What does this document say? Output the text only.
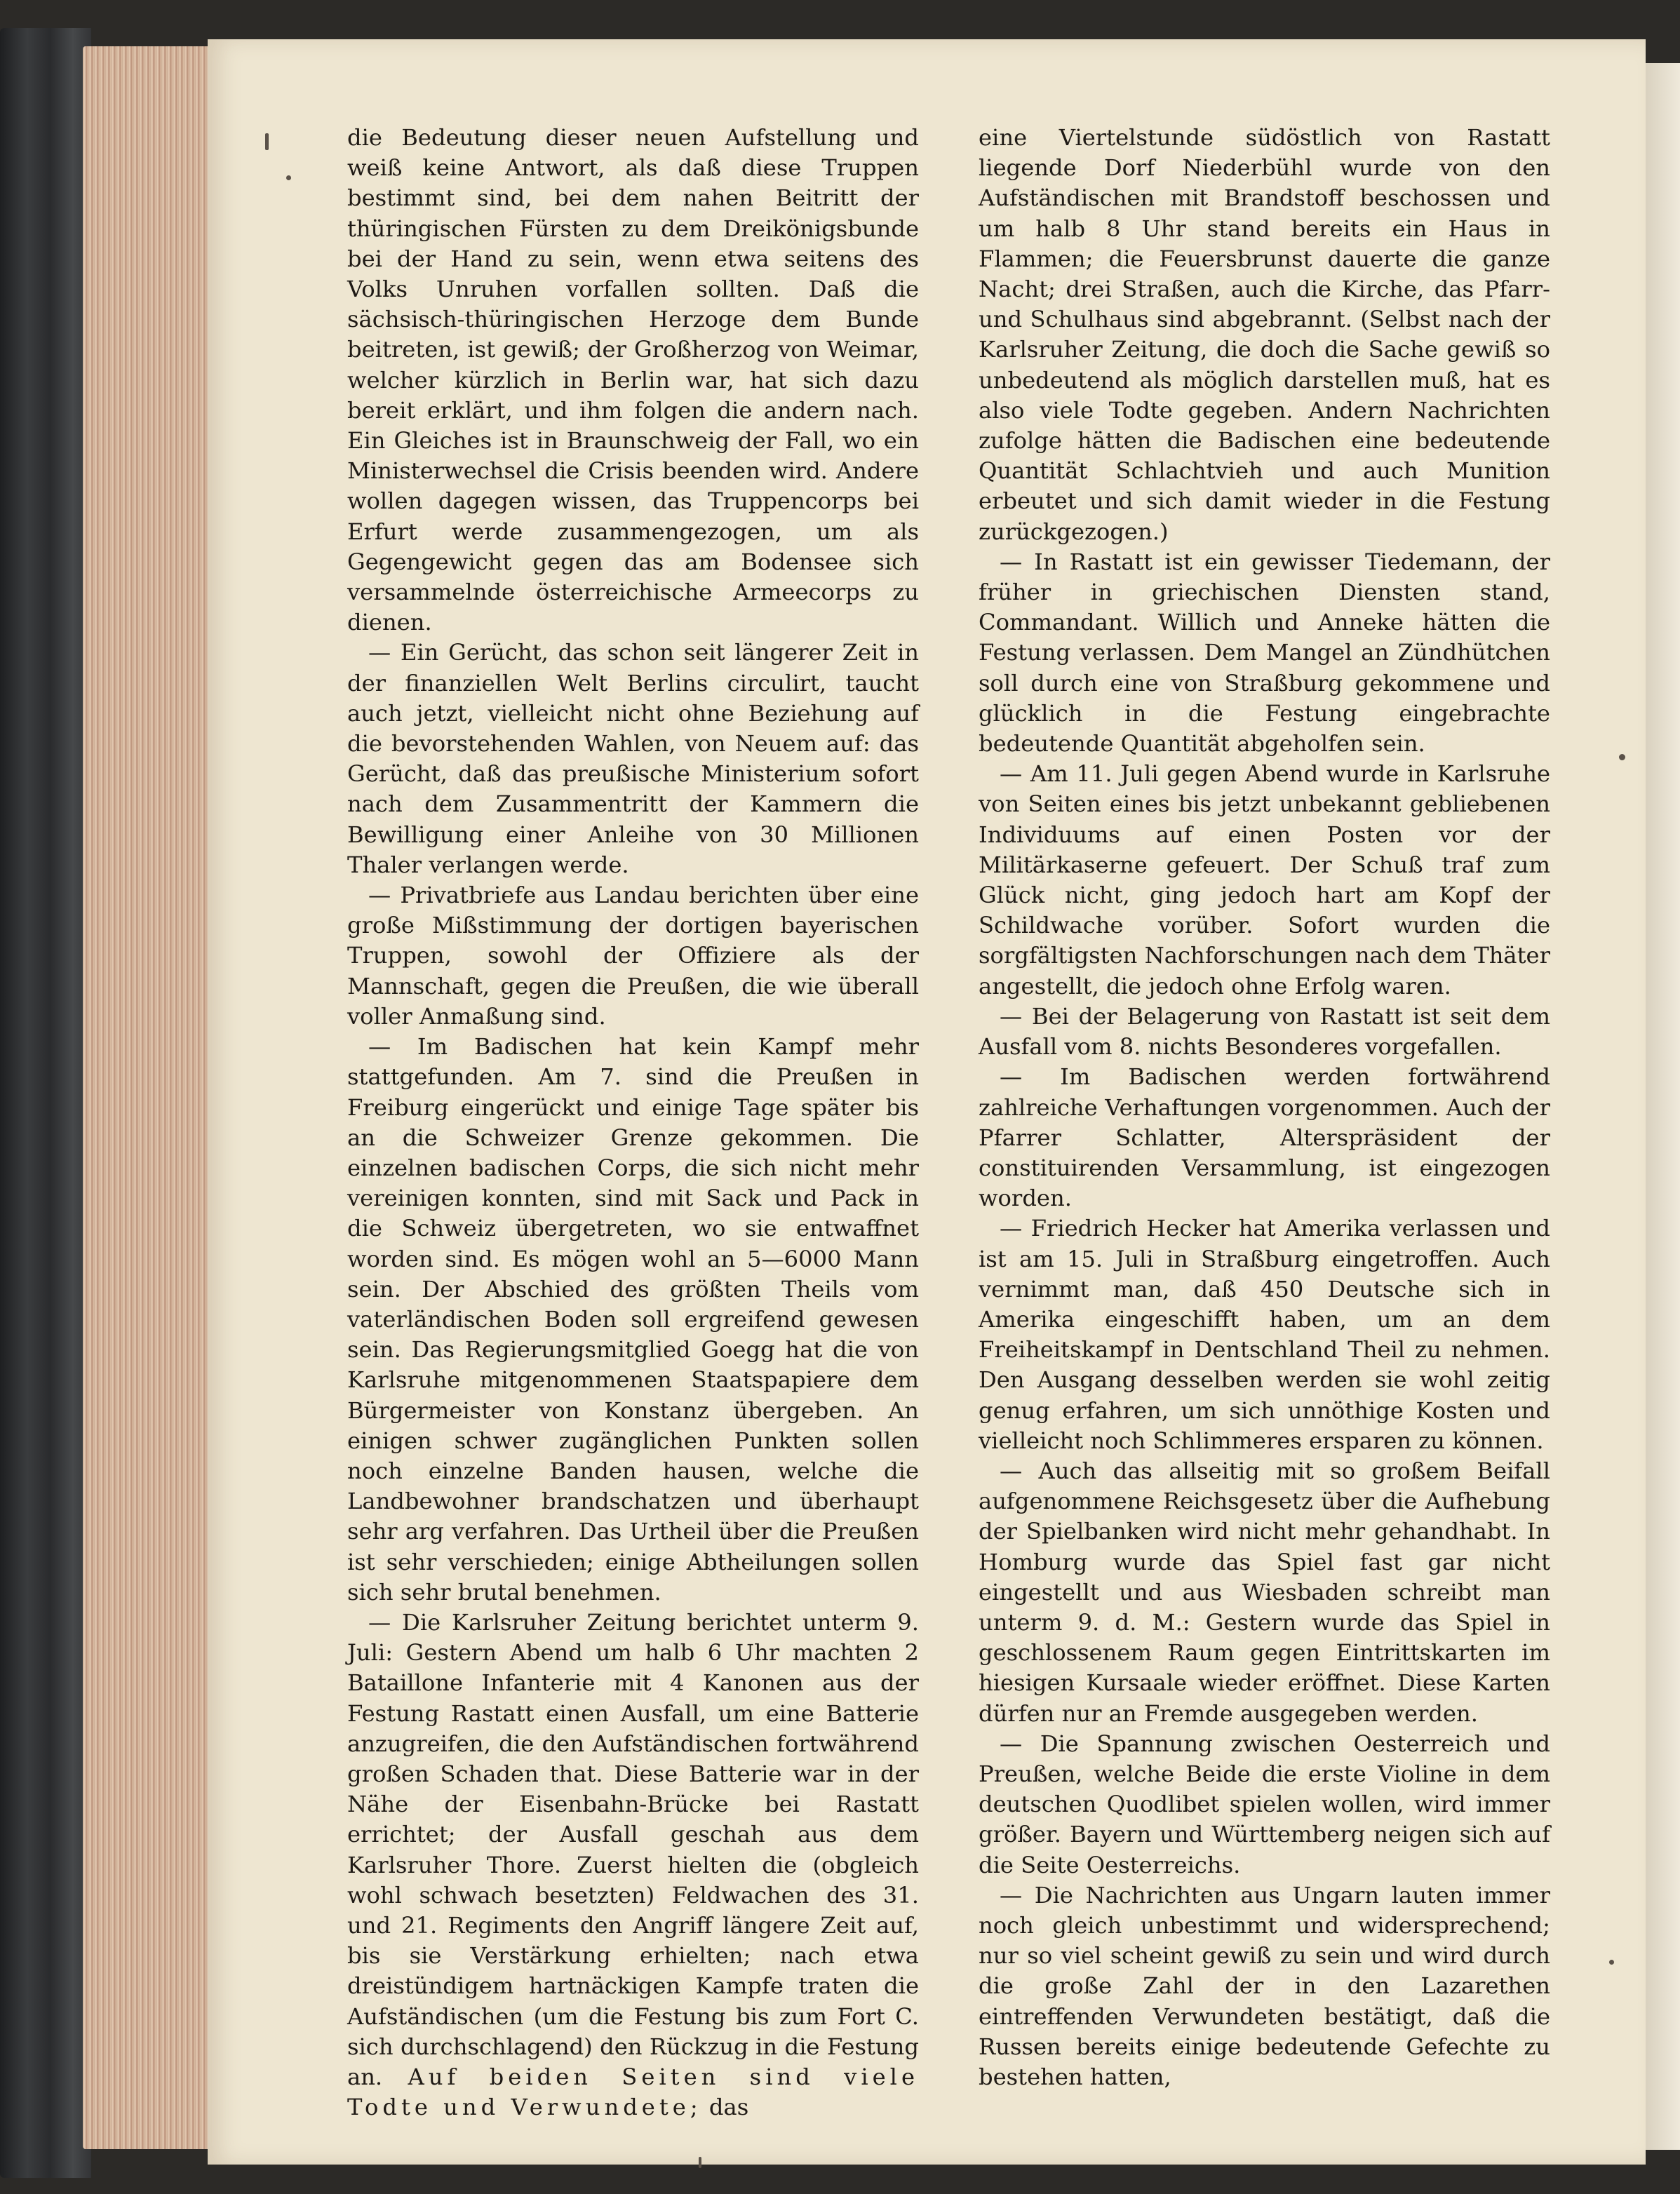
die Bedeutung dieser neuen Aufstellung und weiß keine Antwort, als daß diese Truppen bestimmt sind, bei dem nahen Beitritt der thüringischen Fürsten zu dem Dreikönigsbunde bei der Hand zu sein, wenn etwa seitens des Volks Unruhen vorfallen sollten. Daß die sächsisch-thüringischen Herzoge dem Bunde beitreten, ist gewiß; der Großherzog von Weimar, welcher kürzlich in Berlin war, hat sich dazu bereit erklärt, und ihm folgen die andern nach. Ein Gleiches ist in Braunschweig der Fall, wo ein Ministerwechsel die Crisis beenden wird. Andere wollen dagegen wissen, das Truppencorps bei Erfurt werde zusammengezogen, um als Gegengewicht gegen das am Bodensee sich versammelnde österreichische Armeecorps zu dienen.

— Ein Gerücht, das schon seit längerer Zeit in der finanziellen Welt Berlins circulirt, taucht auch jetzt, vielleicht nicht ohne Beziehung auf die bevorstehenden Wahlen, von Neuem auf: das Gerücht, daß das preußische Ministerium sofort nach dem Zusammentritt der Kammern die Bewilligung einer Anleihe von 30 Millionen Thaler verlangen werde.

— Privatbriefe aus Landau berichten über eine große Mißstimmung der dortigen bayerischen Truppen, sowohl der Offiziere als der Mannschaft, gegen die Preußen, die wie überall voller Anmaßung sind.

— Im Badischen hat kein Kampf mehr stattgefunden. Am 7. sind die Preußen in Freiburg eingerückt und einige Tage später bis an die Schweizer Grenze gekommen. Die einzelnen badischen Corps, die sich nicht mehr vereinigen konnten, sind mit Sack und Pack in die Schweiz übergetreten, wo sie entwaffnet worden sind. Es mögen wohl an 5—6000 Mann sein. Der Abschied des größten Theils vom vaterländischen Boden soll ergreifend gewesen sein. Das Regierungsmitglied Goegg hat die von Karlsruhe mitgenommenen Staatspapiere dem Bürgermeister von Konstanz übergeben. An einigen schwer zugänglichen Punkten sollen noch einzelne Banden hausen, welche die Landbewohner brandschatzen und überhaupt sehr arg verfahren. Das Urtheil über die Preußen ist sehr verschieden; einige Abtheilungen sollen sich sehr brutal benehmen.

— Die Karlsruher Zeitung berichtet unterm 9. Juli: Gestern Abend um halb 6 Uhr machten 2 Bataillone Infanterie mit 4 Kanonen aus der Festung Rastatt einen Ausfall, um eine Batterie anzugreifen, die den Aufständischen fortwährend großen Schaden that. Diese Batterie war in der Nähe der Eisenbahn-Brücke bei Rastatt errichtet; der Ausfall geschah aus dem Karlsruher Thore. Zuerst hielten die (obgleich wohl schwach besetzten) Feldwachen des 31. und 21. Regiments den Angriff längere Zeit auf, bis sie Verstärkung erhielten; nach etwa dreistündigem hartnäckigen Kampfe traten die Aufständischen (um die Festung bis zum Fort C. sich durchschlagend) den Rückzug in die Festung an. Auf beiden Seiten sind viele Todte und Verwundete; das

eine Viertelstunde südöstlich von Rastatt liegende Dorf Niederbühl wurde von den Aufständischen mit Brandstoff beschossen und um halb 8 Uhr stand bereits ein Haus in Flammen; die Feuersbrunst dauerte die ganze Nacht; drei Straßen, auch die Kirche, das Pfarr- und Schulhaus sind abgebrannt. (Selbst nach der Karlsruher Zeitung, die doch die Sache gewiß so unbedeutend als möglich darstellen muß, hat es also viele Todte gegeben. Andern Nachrichten zufolge hätten die Badischen eine bedeutende Quantität Schlachtvieh und auch Munition erbeutet und sich damit wieder in die Festung zurückgezogen.)

— In Rastatt ist ein gewisser Tiedemann, der früher in griechischen Diensten stand, Commandant. Willich und Anneke hätten die Festung verlassen. Dem Mangel an Zündhütchen soll durch eine von Straßburg gekommene und glücklich in die Festung eingebrachte bedeutende Quantität abgeholfen sein.

— Am 11. Juli gegen Abend wurde in Karlsruhe von Seiten eines bis jetzt unbekannt gebliebenen Individuums auf einen Posten vor der Militärkaserne gefeuert. Der Schuß traf zum Glück nicht, ging jedoch hart am Kopf der Schildwache vorüber. Sofort wurden die sorgfältigsten Nachforschungen nach dem Thäter angestellt, die jedoch ohne Erfolg waren.

— Bei der Belagerung von Rastatt ist seit dem Ausfall vom 8. nichts Besonderes vorgefallen.

— Im Badischen werden fortwährend zahlreiche Verhaftungen vorgenommen. Auch der Pfarrer Schlatter, Alterspräsident der constituirenden Versammlung, ist eingezogen worden.

— Friedrich Hecker hat Amerika verlassen und ist am 15. Juli in Straßburg eingetroffen. Auch vernimmt man, daß 450 Deutsche sich in Amerika eingeschifft haben, um an dem Freiheitskampf in Dentschland Theil zu nehmen. Den Ausgang desselben werden sie wohl zeitig genug erfahren, um sich unnöthige Kosten und vielleicht noch Schlimmeres ersparen zu können.

— Auch das allseitig mit so großem Beifall aufgenommene Reichsgesetz über die Aufhebung der Spielbanken wird nicht mehr gehandhabt. In Homburg wurde das Spiel fast gar nicht eingestellt und aus Wiesbaden schreibt man unterm 9. d. M.: Gestern wurde das Spiel in geschlossenem Raum gegen Eintrittskarten im hiesigen Kursaale wieder eröffnet. Diese Karten dürfen nur an Fremde ausgegeben werden.

— Die Spannung zwischen Oesterreich und Preußen, welche Beide die erste Violine in dem deutschen Quodlibet spielen wollen, wird immer größer. Bayern und Württemberg neigen sich auf die Seite Oesterreichs.

— Die Nachrichten aus Ungarn lauten immer noch gleich unbestimmt und widersprechend; nur so viel scheint gewiß zu sein und wird durch die große Zahl der in den Lazarethen eintreffenden Verwundeten bestätigt, daß die Russen bereits einige bedeutende Gefechte zu bestehen hatten,
